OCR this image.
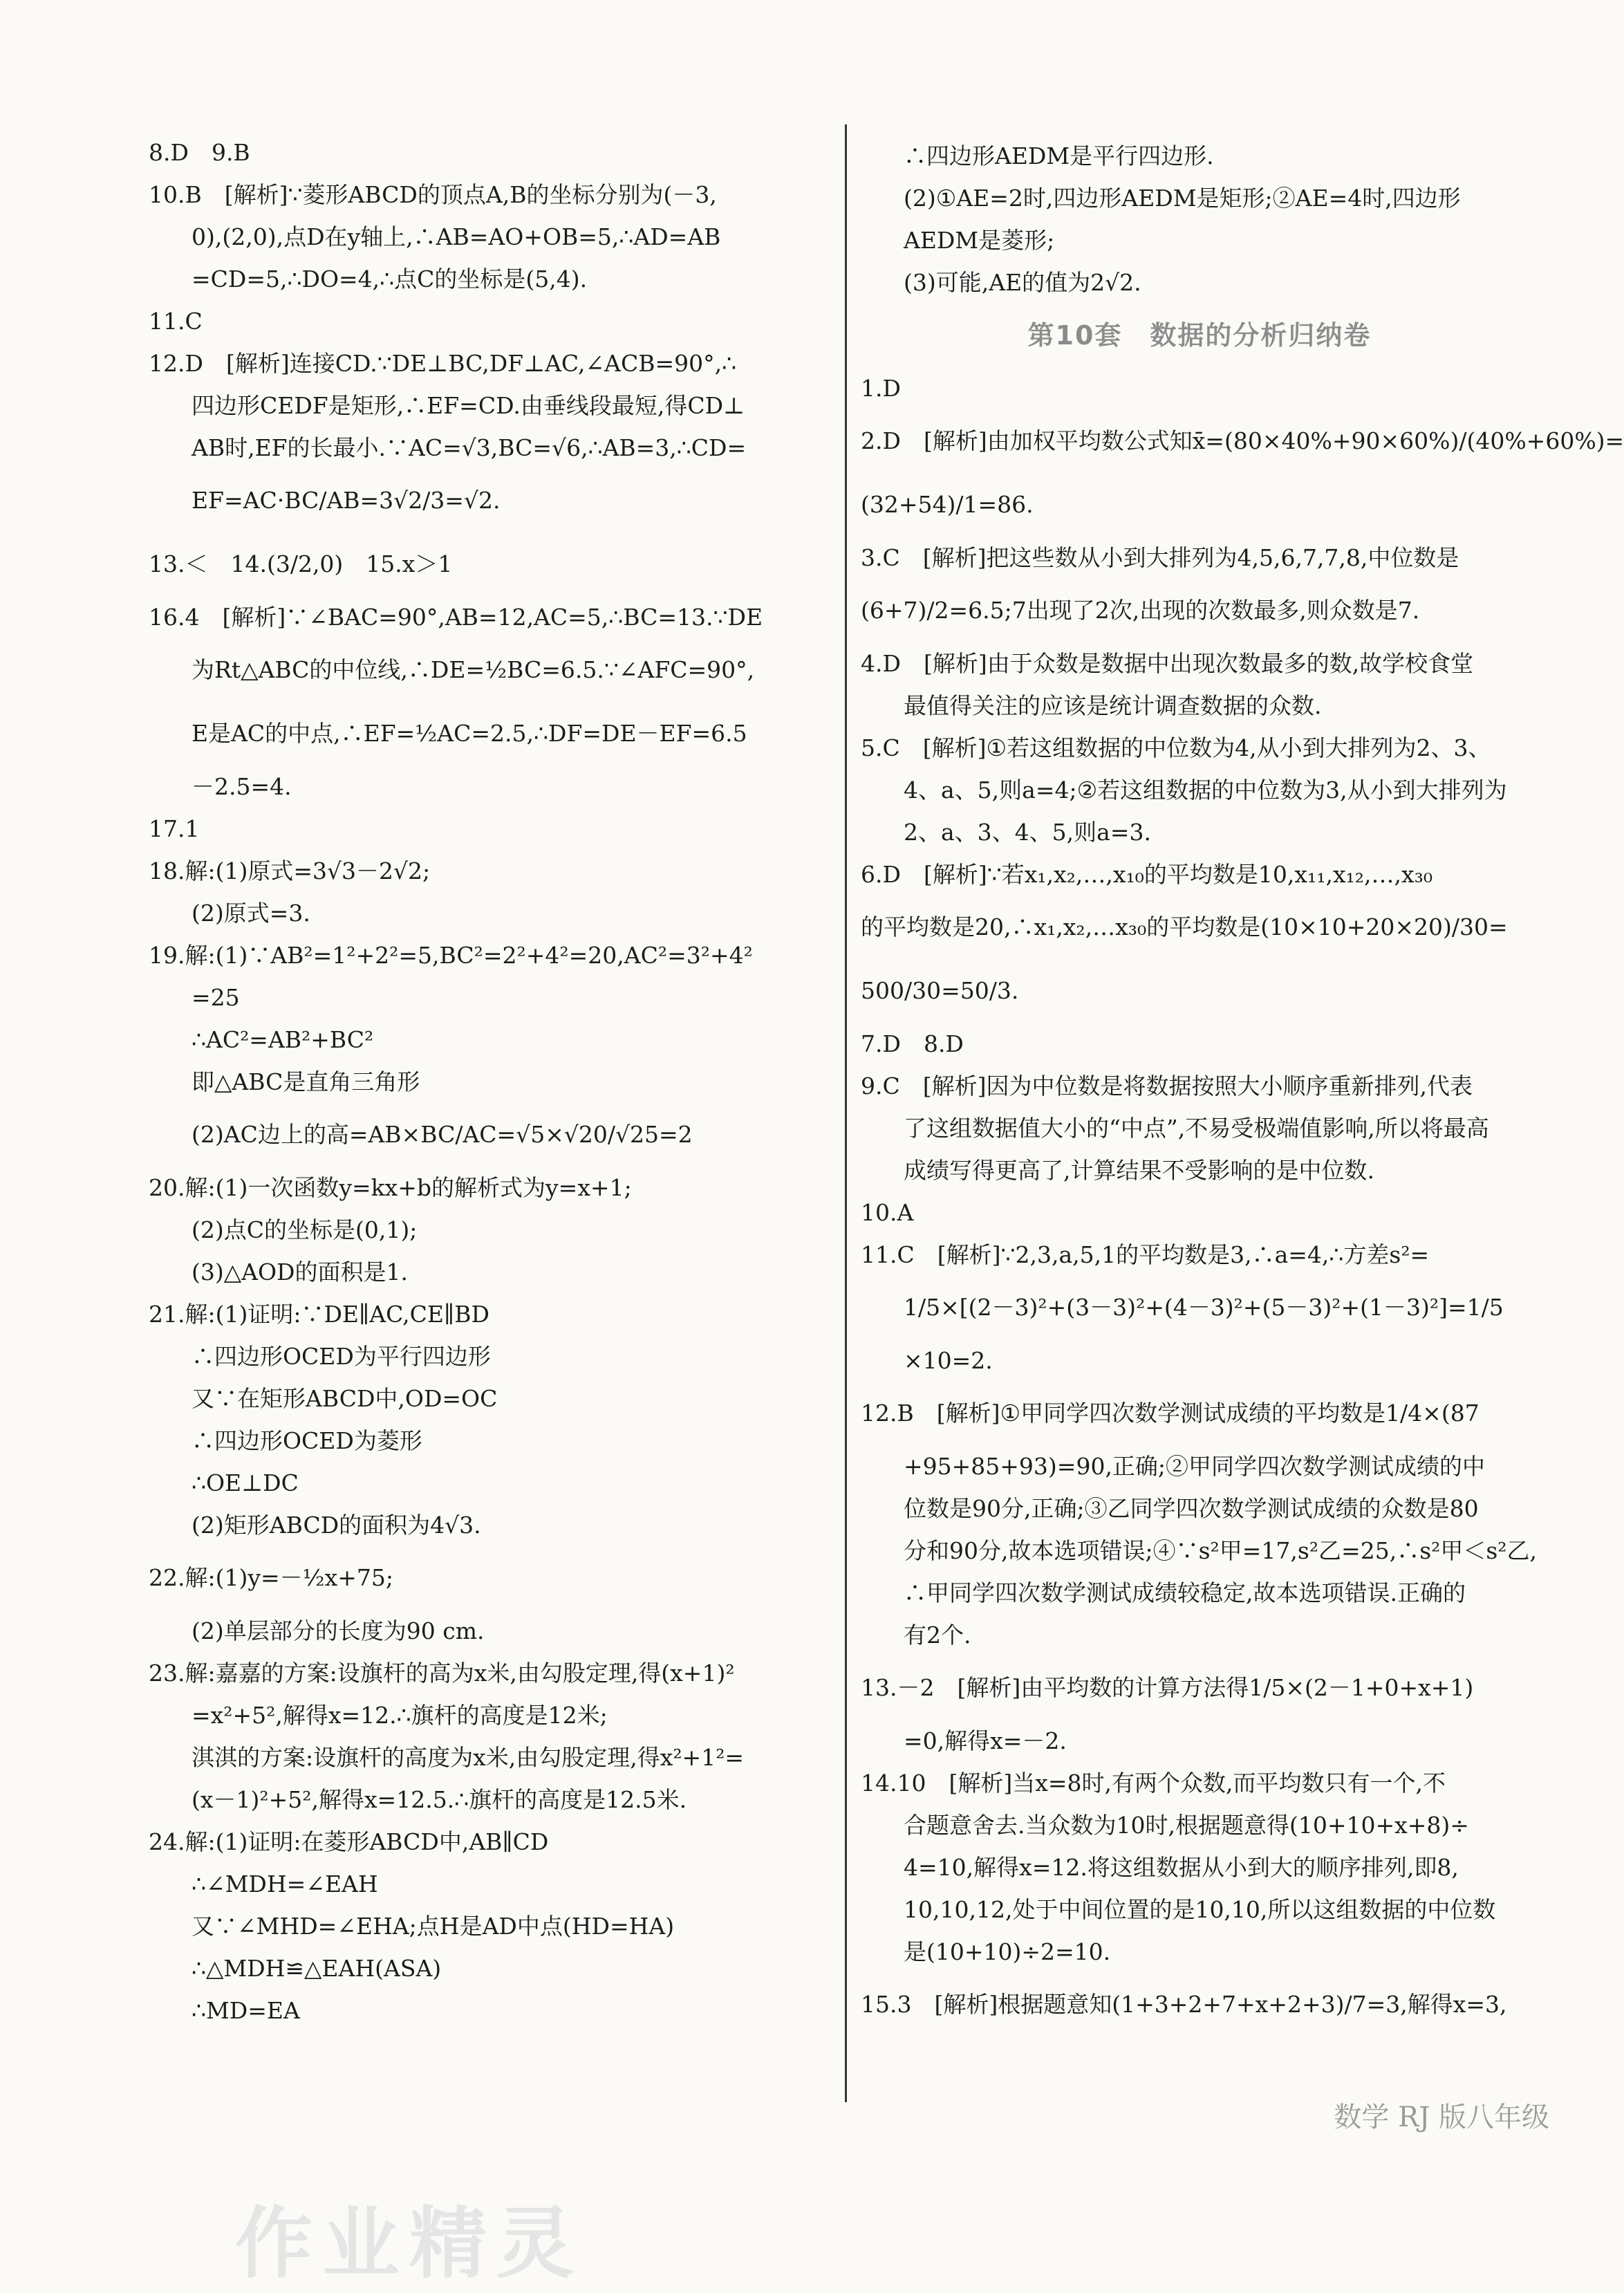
8.D　9.B
10.B　[解析]∵菱形ABCD的顶点A,B的坐标分别为(－3,
0),(2,0),点D在y轴上,∴AB=AO+OB=5,∴AD=AB
=CD=5,∴DO=4,∴点C的坐标是(5,4).
11.C
12.D　[解析]连接CD.∵DE⊥BC,DF⊥AC,∠ACB=90°,∴
四边形CEDF是矩形,∴EF=CD.由垂线段最短,得CD⊥
AB时,EF的长最小.∵AC=√3,BC=√6,∴AB=3,∴CD=
EF=AC·BC/AB=3√2/3=√2.
13.＜　14.(3/2,0)　15.x＞1
16.4　[解析]∵∠BAC=90°,AB=12,AC=5,∴BC=13.∵DE
为Rt△ABC的中位线,∴DE=½BC=6.5.∵∠AFC=90°,
E是AC的中点,∴EF=½AC=2.5,∴DF=DE－EF=6.5
－2.5=4.
17.1
18.解:(1)原式=3√3－2√2;
(2)原式=3.
19.解:(1)∵AB²=1²+2²=5,BC²=2²+4²=20,AC²=3²+4²
=25
∴AC²=AB²+BC²
即△ABC是直角三角形
(2)AC边上的高=AB×BC/AC=√5×√20/√25=2
20.解:(1)一次函数y=kx+b的解析式为y=x+1;
(2)点C的坐标是(0,1);
(3)△AOD的面积是1.
21.解:(1)证明:∵DE∥AC,CE∥BD
∴四边形OCED为平行四边形
又∵在矩形ABCD中,OD=OC
∴四边形OCED为菱形
∴OE⊥DC
(2)矩形ABCD的面积为4√3.
22.解:(1)y=－½x+75;
(2)单层部分的长度为90 cm.
23.解:嘉嘉的方案:设旗杆的高为x米,由勾股定理,得(x+1)²
=x²+5²,解得x=12.∴旗杆的高度是12米;
淇淇的方案:设旗杆的高度为x米,由勾股定理,得x²+1²=
(x－1)²+5²,解得x=12.5.∴旗杆的高度是12.5米.
24.解:(1)证明:在菱形ABCD中,AB∥CD
∴∠MDH=∠EAH
又∵∠MHD=∠EHA;点H是AD中点(HD=HA)
∴△MDH≌△EAH(ASA)
∴MD=EA
∴四边形AEDM是平行四边形.
(2)①AE=2时,四边形AEDM是矩形;②AE=4时,四边形
AEDM是菱形;
(3)可能,AE的值为2√2.
第10套　数据的分析归纳卷
1.D
2.D　[解析]由加权平均数公式知x̄=(80×40%+90×60%)/(40%+60%)=
(32+54)/1=86.
3.C　[解析]把这些数从小到大排列为4,5,6,7,7,8,中位数是
(6+7)/2=6.5;7出现了2次,出现的次数最多,则众数是7.
4.D　[解析]由于众数是数据中出现次数最多的数,故学校食堂
最值得关注的应该是统计调查数据的众数.
5.C　[解析]①若这组数据的中位数为4,从小到大排列为2、3、
4、a、5,则a=4;②若这组数据的中位数为3,从小到大排列为
2、a、3、4、5,则a=3.
6.D　[解析]∵若x₁,x₂,…,x₁₀的平均数是10,x₁₁,x₁₂,…,x₃₀
的平均数是20,∴x₁,x₂,…x₃₀的平均数是(10×10+20×20)/30=
500/30=50/3.
7.D　8.D
9.C　[解析]因为中位数是将数据按照大小顺序重新排列,代表
了这组数据值大小的“中点”,不易受极端值影响,所以将最高
成绩写得更高了,计算结果不受影响的是中位数.
10.A
11.C　[解析]∵2,3,a,5,1的平均数是3,∴a=4,∴方差s²=
1/5×[(2－3)²+(3－3)²+(4－3)²+(5－3)²+(1－3)²]=1/5
×10=2.
12.B　[解析]①甲同学四次数学测试成绩的平均数是1/4×(87
+95+85+93)=90,正确;②甲同学四次数学测试成绩的中
位数是90分,正确;③乙同学四次数学测试成绩的众数是80
分和90分,故本选项错误;④∵s²甲=17,s²乙=25,∴s²甲＜s²乙,
∴甲同学四次数学测试成绩较稳定,故本选项错误.正确的
有2个.
13.－2　[解析]由平均数的计算方法得1/5×(2－1+0+x+1)
=0,解得x=－2.
14.10　[解析]当x=8时,有两个众数,而平均数只有一个,不
合题意舍去.当众数为10时,根据题意得(10+10+x+8)÷
4=10,解得x=12.将这组数据从小到大的顺序排列,即8,
10,10,12,处于中间位置的是10,10,所以这组数据的中位数
是(10+10)÷2=10.
15.3　[解析]根据题意知(1+3+2+7+x+2+3)/7=3,解得x=3,
数学 RJ 版八年级
作业精灵
